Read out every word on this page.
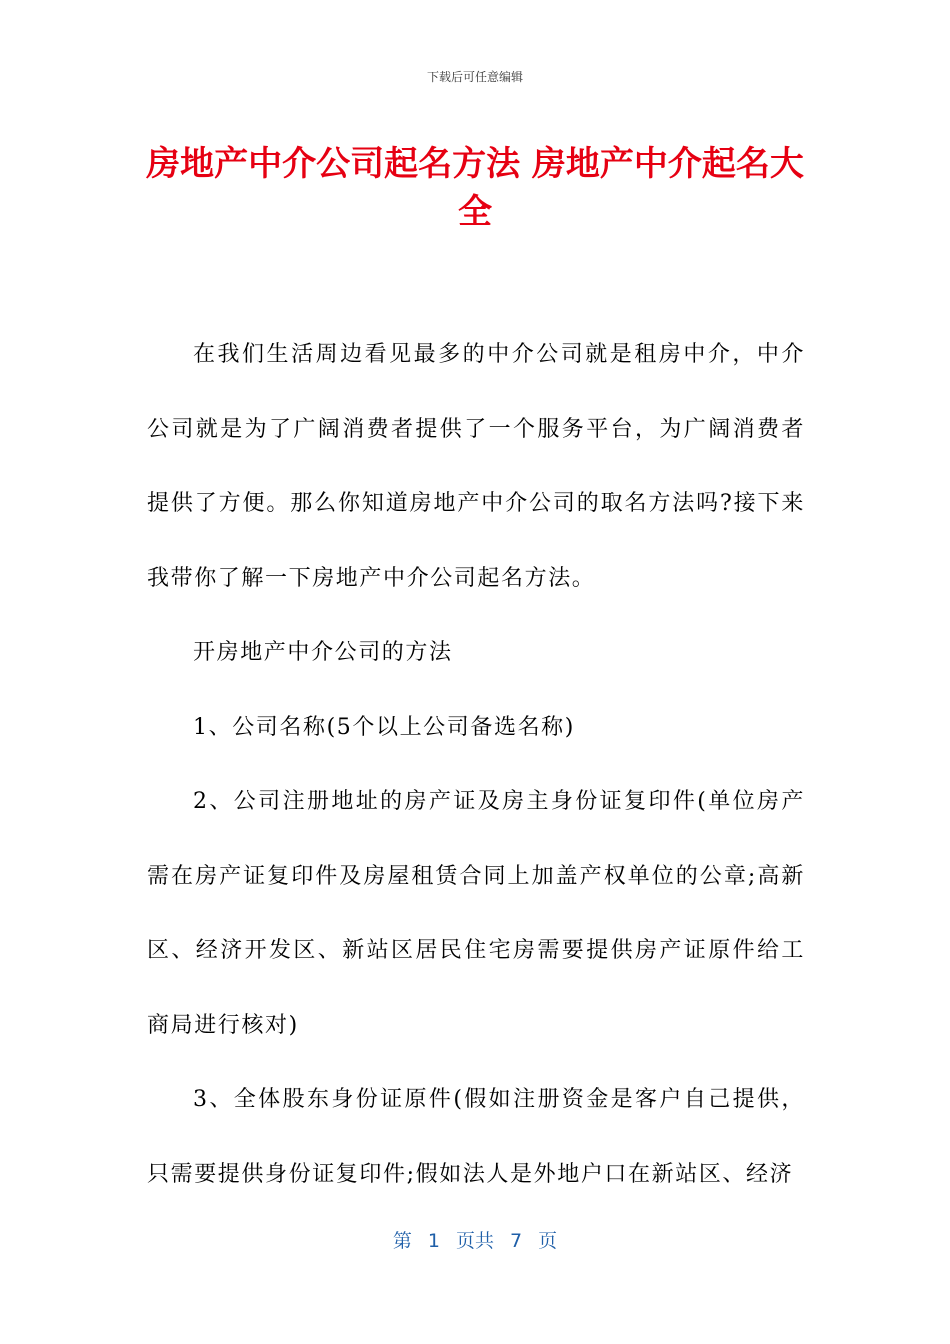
下载后可任意编辑
房地产中介公司起名方法 房地产中介起名大全

在我们生活周边看见最多的中介公司就是租房中介，中介公司就是为了广阔消费者提供了一个服务平台，为广阔消费者提供了方便。那么你知道房地产中介公司的取名方法吗?接下来我带你了解一下房地产中介公司起名方法。

开房地产中介公司的方法

1、公司名称(5个以上公司备选名称)

2、公司注册地址的房产证及房主身份证复印件(单位房产需在房产证复印件及房屋租赁合同上加盖产权单位的公章;高新区、经济开发区、新站区居民住宅房需要提供房产证原件给工商局进行核对)

3、全体股东身份证原件(假如注册资金是客户自己提供，只需要提供身份证复印件;假如法人是外地户口在新站区、经济

第 1 页共 7 页
